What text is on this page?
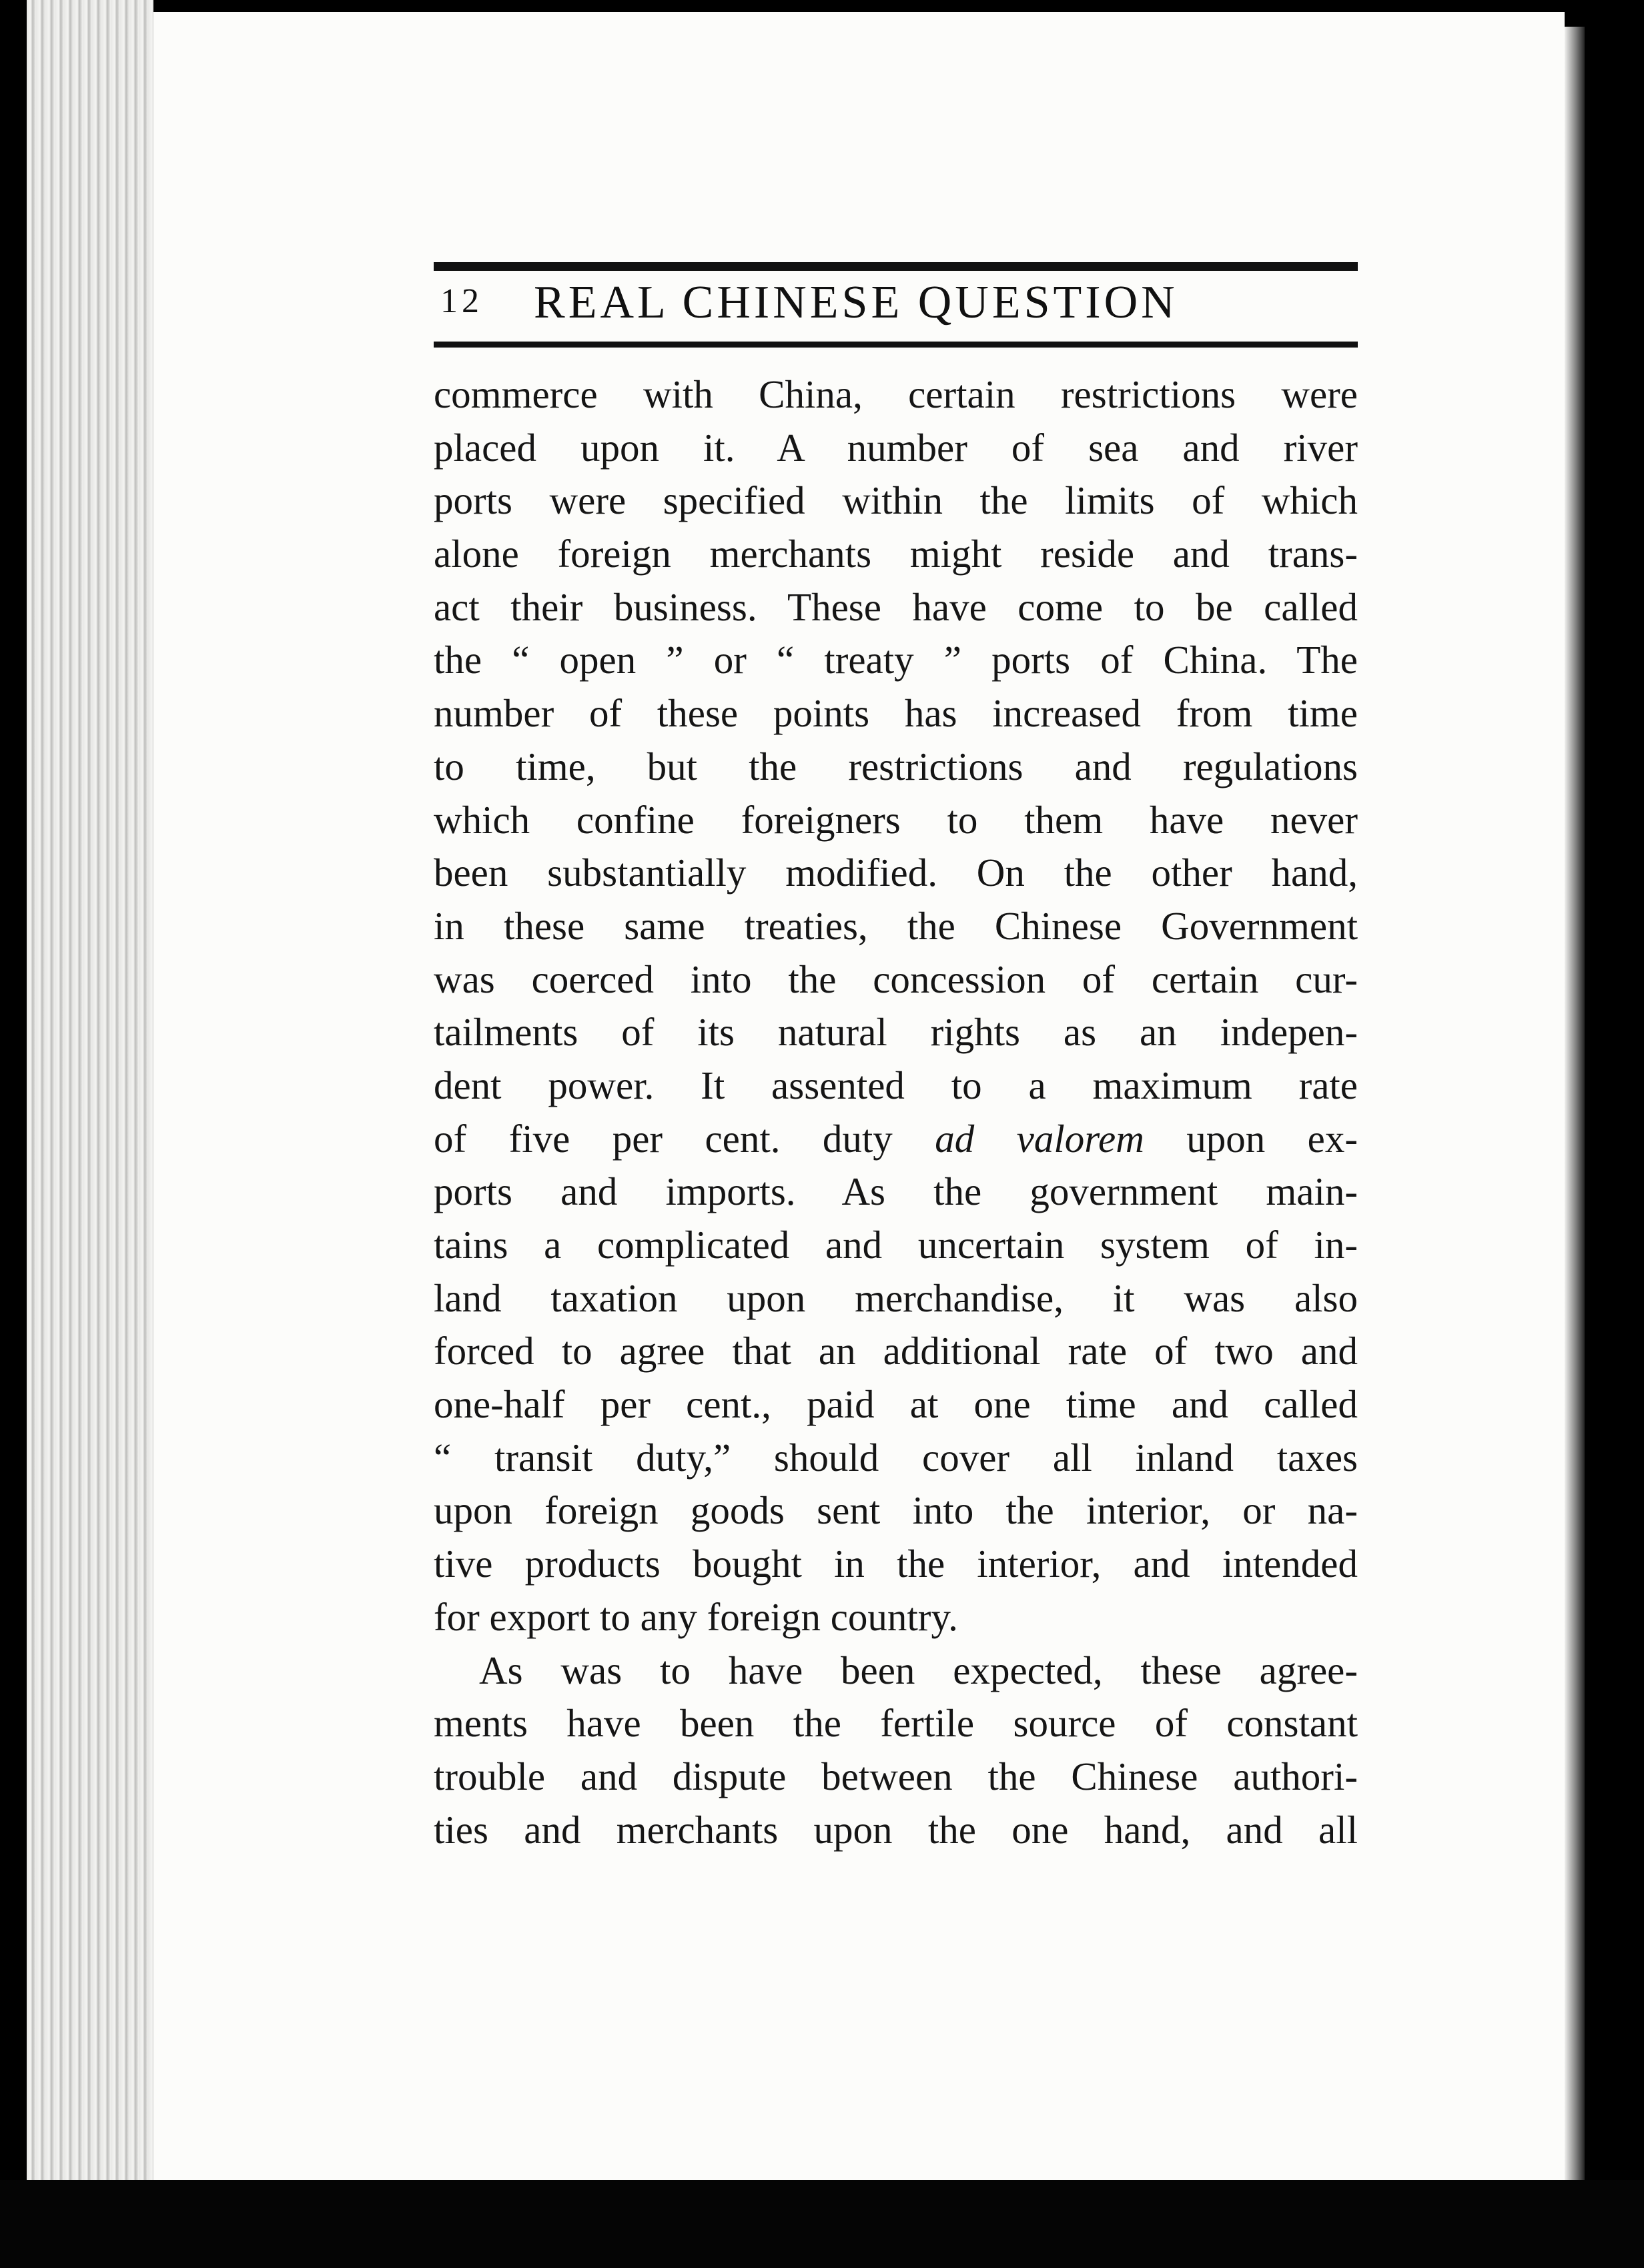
12 REAL CHINESE QUESTION
commerce with China, certain restrictions were
placed upon it. A number of sea and river
ports were specified within the limits of which
alone foreign merchants might reside and trans-
act their business. These have come to be called
the “ open ” or “ treaty ” ports of China. The
number of these points has increased from time
to time, but the restrictions and regulations
which confine foreigners to them have never
been substantially modified. On the other hand,
in these same treaties, the Chinese Government
was coerced into the concession of certain cur-
tailments of its natural rights as an indepen-
dent power. It assented to a maximum rate
of five per cent. duty ad valorem upon ex-
ports and imports. As the government main-
tains a complicated and uncertain system of in-
land taxation upon merchandise, it was also
forced to agree that an additional rate of two and
one-half per cent., paid at one time and called
“ transit duty,” should cover all inland taxes
upon foreign goods sent into the interior, or na-
tive products bought in the interior, and intended
for export to any foreign country.
As was to have been expected, these agree-
ments have been the fertile source of constant
trouble and dispute between the Chinese authori-
ties and merchants upon the one hand, and all
